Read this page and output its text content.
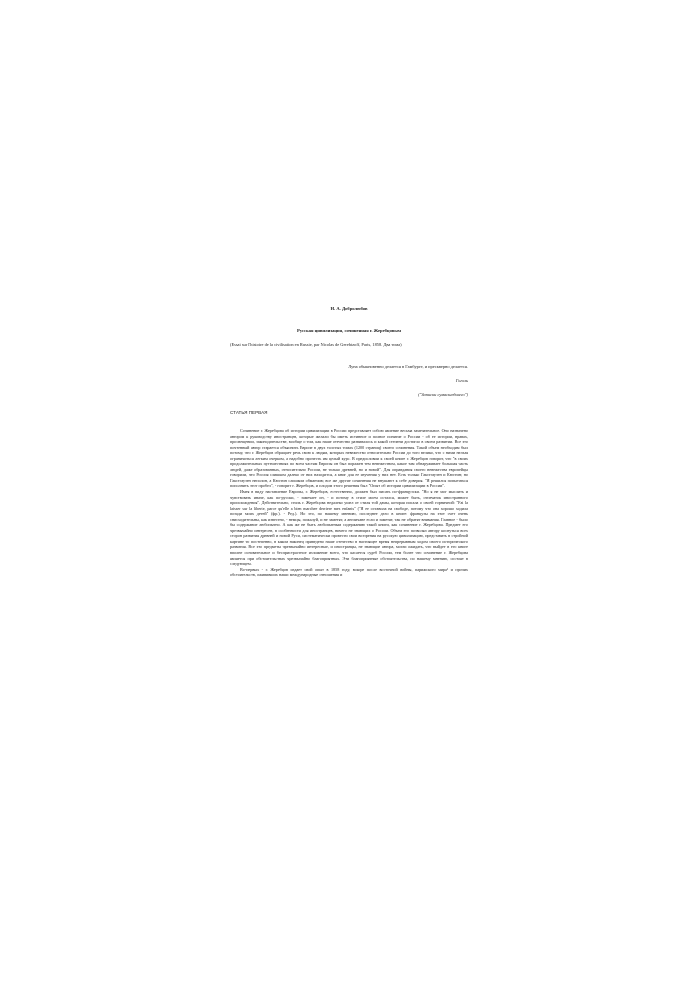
Н. А. Добролюбов
Русская цивилизация, сочиненная г. Жеребцовым
(Essai sur l'histoire de la civilisation en Russie, par Nicolas de Gerebtzoff, Paris, 1858. Два тома)
Луна обыкновенно делается в Гамбурге, и прескверно делается.
Гоголь
("Записки сумасшедшего")
СТАТЬЯ ПЕРВАЯ

Сочинение г. Жеребцова об истории цивилизации в России представляет собою явление весьма замечательное. Оно назначено автором к руководству иностранцев, которые желали бы иметь истинное и полное понятие о России - об ее истории, нравах, просвещении, законодательстве, вообще о том, как наше отечество развивалось и какой степени достигло в своем развитии. Все это почтенный автор старается объяснить Европе в двух толстых томах (1200 страниц) своего сочинения. Такой объем необходим был потому, что г. Жеребцов обращает речь свою к людям, которых невежество относительно России до того велико, что с ними нельзя ограничиться легким очерком, а надобно прочесть им целый курс. В предисловии к своей книге г. Жеребцов говорит, что "в своих продолжительных путешествиях по всем частям Европы он был поражен тем невежеством, какое там обнаруживает большая часть людей, даже образованных, относительно России, не только древней, но и новой". Для оправдания своего невежества европейцы говорили, что Россия слишком далеко от них находится, а книг для ее изучения у них нет. Есть только Гакстгаузен и Кюстин; но Гакстгаузен неполон, а Кюстин слишком обманчив; все же другие сочинения не внушают к себе доверия. "Я решился попытаться пополнить этот пробел", - говорит г. Жеребцов, и плодом этого решения был "Опыт об истории цивилизации в России".

Имея в виду наставление Европы, г. Жеребцов, естественно, должен был писать по-французски. "Но я не мог мыслить и чувствовать иначе, как по-русски, - замечает он, - и потому в стиле моем остался, может быть, отпечаток иностранного происхождения". Действительно, стиль г. Жеребцова недалеко ушел от стиля той дамы, которая писала о своей горничной: "Fai la laisser sur la liberte, parce qu'elle a bien marchee derriere mes enfants" ("Я ее оставила на свободе, потому что она хорошо ходила позади моих детей" (фр.). - Ред.). Но это, по нашему мнению, последнее дело в книге: французы на этот счет очень снисходительны, как известно, - немцы, пожалуй, и не заметят, а англичане если и заметят, так не обратят внимания. Главное - было бы содержание любопытно. А как же не быть любопытным содержанию такой книги, как сочинение г. Жеребцова. Предмет его чрезвычайно интересен, в особенности для иностранцев, ничего не знающих о России. Объем его позволял автору коснуться всех сторон развития древней и новой Руси, систематически провести свои воззрения на русскую цивилизацию, представить в стройной картине то постепенно, в каком наконец приведено наше отечество в настоящее время непрерывным ходом своего исторического развития. Все это предметы чрезвычайно интересные, и иностранцы, не знающие автора, могли ожидать, что выйдет в его книге вполне основательное и беспристрастное изложение всего, что касается судеб России, тем более что сочинение г. Жеребцова является при обстоятельствах чрезвычайно благоприятных. Эти благоприятные обстоятельства, по нашему мнению, состоят в следующем.

Во-первых - г. Жеребцов издает свой опыт в 1858 году, вскоре после восточной войны, парижского мира¹ и прочих обстоятельств, ожививших наши международные отношения и
